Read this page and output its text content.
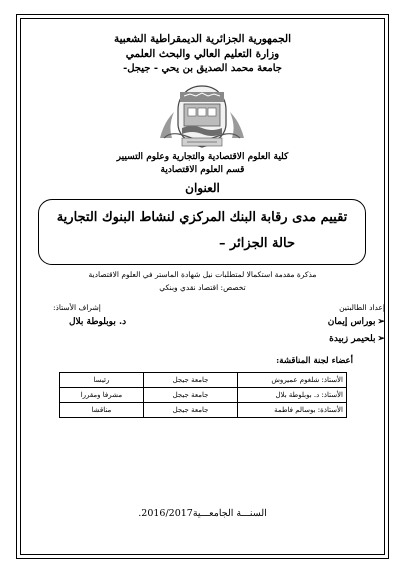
الجمهورية الجزائرية الديمقراطية الشعبية
وزارة التعليم العالي والبحث العلمي
جامعة محمد الصديق بن يحي - جيجل-
كلية العلوم الاقتصادية والتجارية وعلوم التسيير
قسم العلوم الاقتصادية
العنوان
تقييم مدى رقابة البنك المركزي لنشاط البنوك التجارية
حالة الجزائر –
مذكرة مقدمة استكمالا لمتطلبات نيل شهادة الماستر في العلوم الاقتصادية
تخصص: اقتصاد نقدي وبنكي
إعداد الطالبتين
إشراف الأستاذ:
➢بوراس إيمان
➢بلحيمر زبيدة
د. بوبلوطة بلال
أعضاء لجنة المناقشة:
الأستاذ: شلغوم عميروش	جامعة جيجل	رئيسا
الأستاذ: د. بوبلوطة بلال	جامعة جيجل	مشرفا ومقررا
الأستاذة: بوسالم فاطمة	جامعة جيجل	مناقشا
السنـــة الجامعـــية2016/2017.
